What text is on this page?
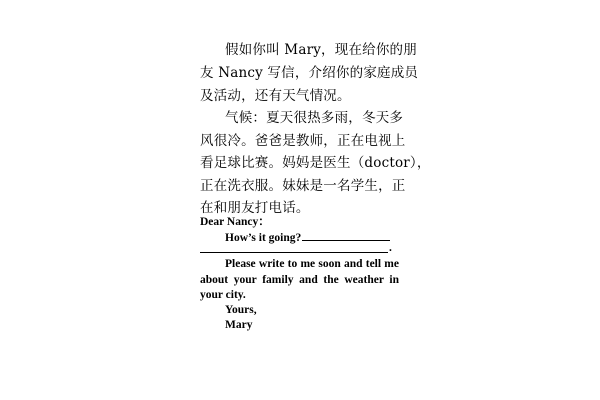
假如你叫 Mary，现在给你的朋
友 Nancy 写信，介绍你的家庭成员
及活动，还有天气情况。
气候：夏天很热多雨，冬天多
风很冷。爸爸是教师，正在电视上
看足球比赛。妈妈是医生（doctor），
正在洗衣服。妹妹是一名学生，正
在和朋友打电话。
Dear Nancy：
How’s it going?
.
Please write to me soon and tell me
about your family and the weather in
your city.
Yours,
Mary
